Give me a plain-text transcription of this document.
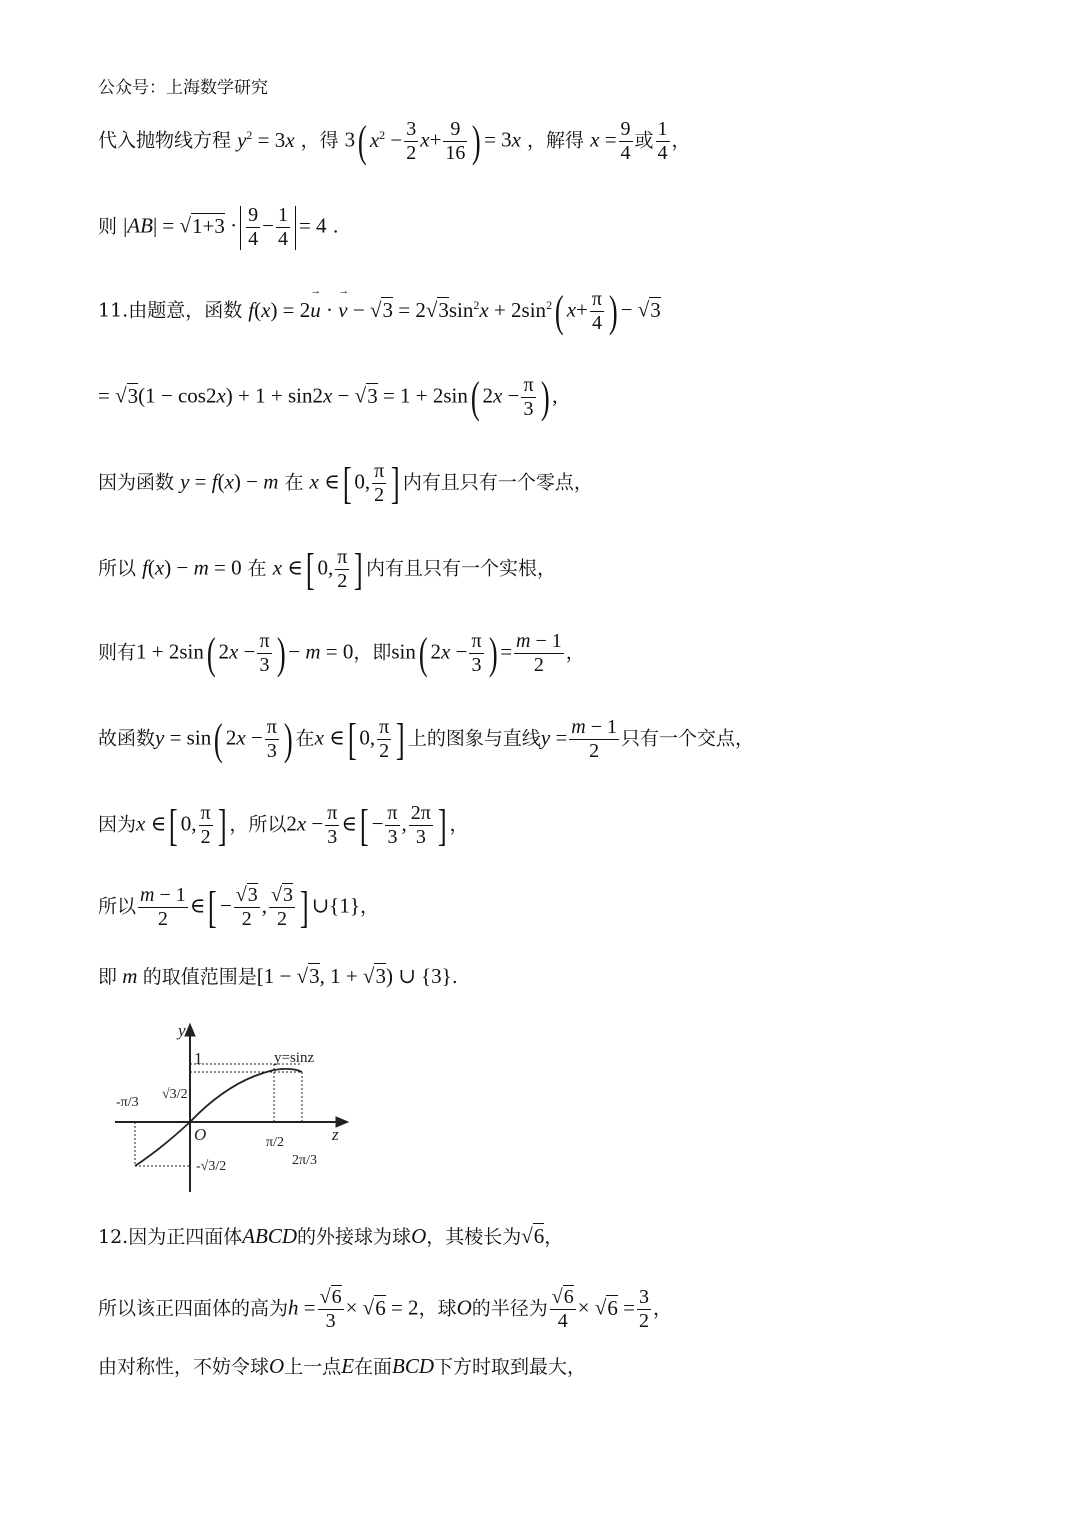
公众号：上海数学研究
代入抛物线方程 $y^2 = 3x$ ，得 3( $x^2 - \frac{3}{2} x+ \frac{9}{16}$ ) = 3x ，解得 $x = \frac{9}{4}$ 或 $\frac{1}{4}$ ，
则 $|AB| = √1+3 \cdot \frac{9}{4} - \frac{1}{4} = 4$ .
11.由题意，函数 f(x) = 2→ u · → $v - √3 = 2√3\sin^2x + 2\sin^2$( $x+ \frac{\pi}{4}$ ) − √3
= √3(1 − cos2x) + 1 + sin2x − √3 = 1 + 2sin( $2x - \frac{\pi}{3}$ ) ,
因为函数 y = f(x) − m 在 x ∈[ 0, $\frac{\pi}{2}$ ] 内有且只有一个零点，
所以 f(x) − m = 0 在 x ∈[ 0, $\frac{\pi}{2}$ ] 内有且只有一个实根，
则有1 + 2sin( $2x - \frac{\pi}{3}$ ) − m = 0，即sin( $2x - \frac{\pi}{3}$ ) = $\frac{m - 1}{2}$ ，
故函数y = sin( $2x - \frac{\pi}{3}$ ) 在x ∈[ 0, $\frac{\pi}{2}$ ] 上的图象与直线$y = \frac{m - 1}{2}$ 只有一个交点，
因为x ∈[ 0, $\frac{\pi}{2}$ ] ，所以$2x - \frac{\pi}{3}$ ∈[ − $\frac{\pi}{3}$ , $\frac{2\pi}{3}$ ] ，
所以 $\frac{m - 1}{2}$ ∈[ − $\frac{√3}{2}$ , $\frac{√3}{2}$ ] ∪{1}，
即 m 的取值范围是[1 − √3, 1 + √3) ∪ {3}.
y
z
O
1	y=sinz
-π/3
√3/2
π/2
2π/3
-√3/2
12.因为正四面体ABCD的外接球为球O，其棱长为√6，
所以该正四面体的高为$h = \frac{√6}{3} \times √6 = 2$，球O的半径为 $\frac{√6}{4} \times √6 = \frac{3}{2}$ ，
由对称性，不妨令球O上一点E在面BCD下方时取到最大，
